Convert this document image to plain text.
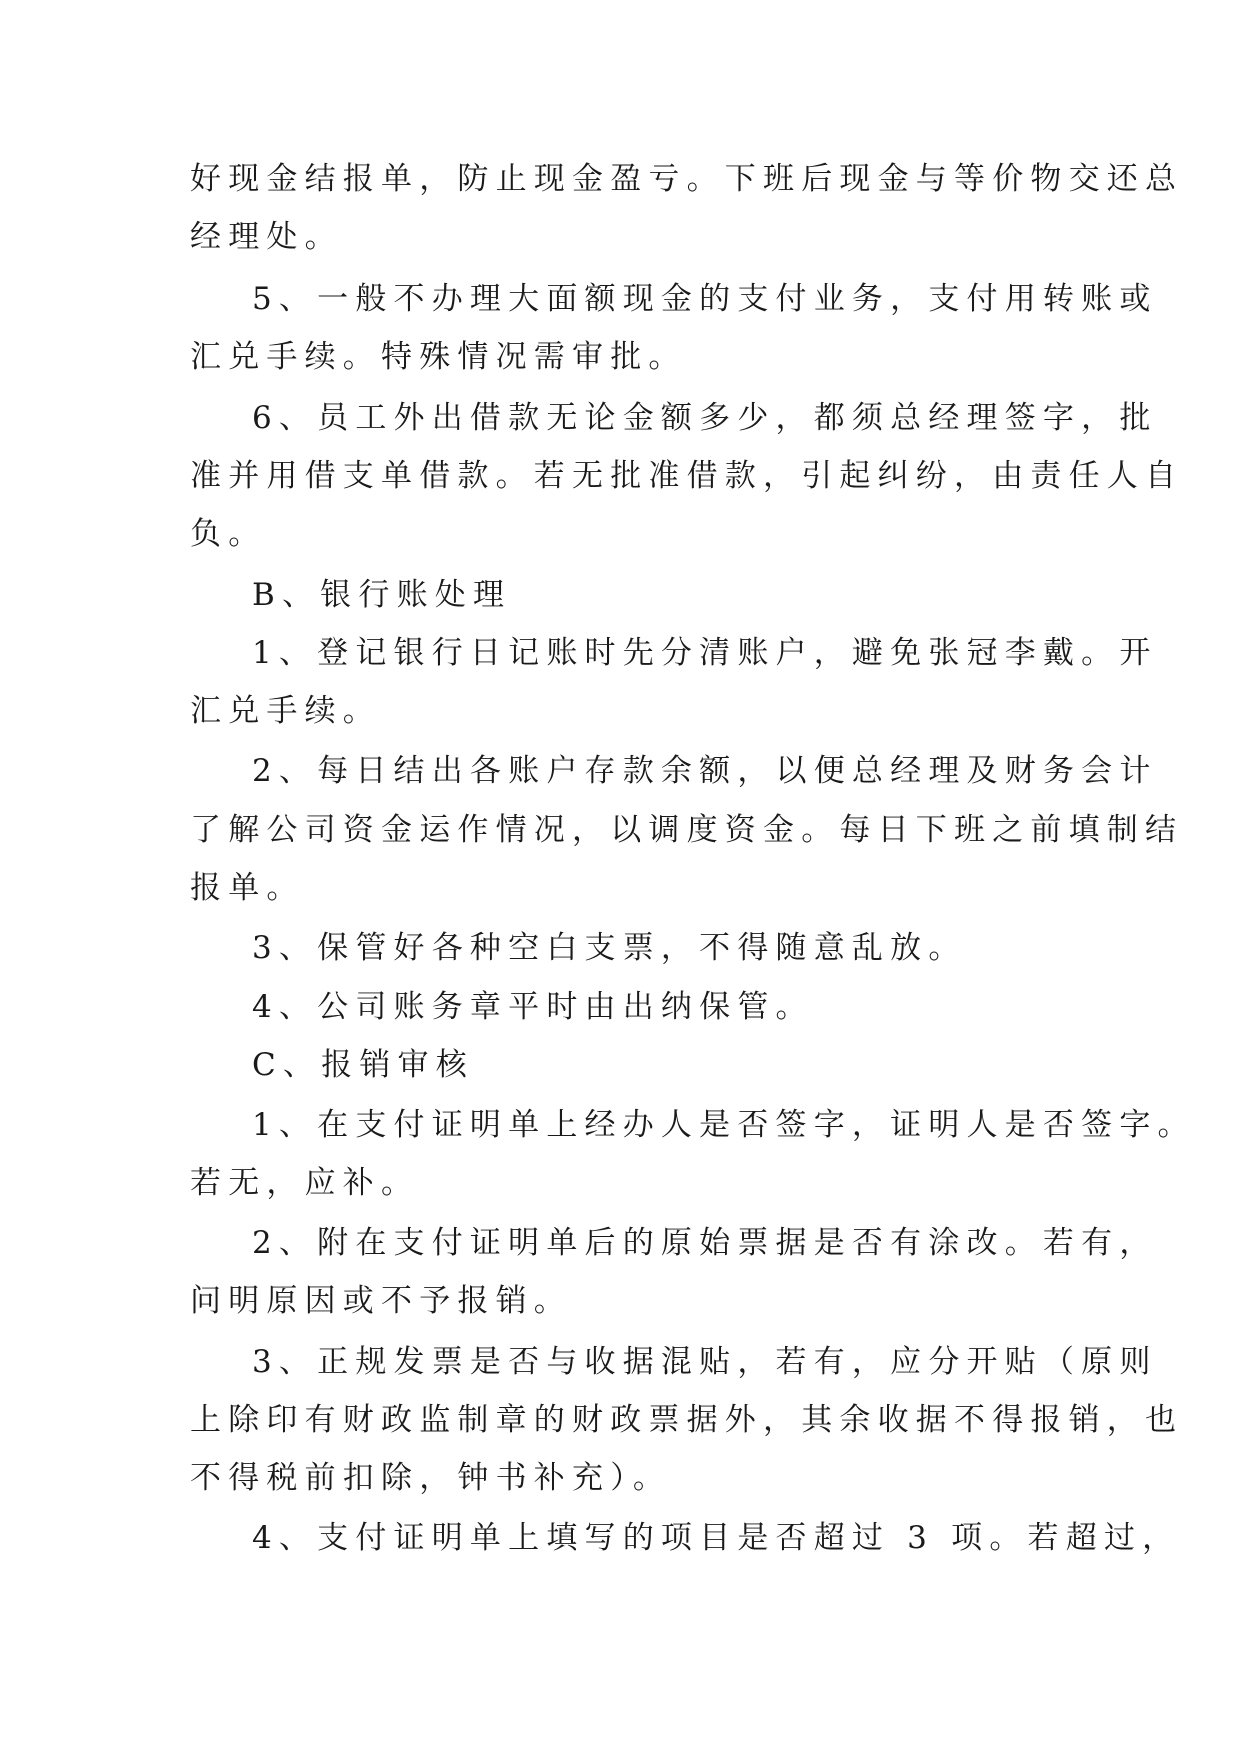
好现金结报单，防止现金盈亏。下班后现金与等价物交还总
经理处。
5、一般不办理大面额现金的支付业务，支付用转账或
汇兑手续。特殊情况需审批。
6、员工外出借款无论金额多少，都须总经理签字，批
准并用借支单借款。若无批准借款，引起纠纷，由责任人自
负。
B、银行账处理
1、登记银行日记账时先分清账户，避免张冠李戴。开
汇兑手续。
2、每日结出各账户存款余额，以便总经理及财务会计
了解公司资金运作情况，以调度资金。每日下班之前填制结
报单。
3、保管好各种空白支票，不得随意乱放。
4、公司账务章平时由出纳保管。
C、报销审核
1、在支付证明单上经办人是否签字，证明人是否签字。
若无，应补。
2、附在支付证明单后的原始票据是否有涂改。若有，
问明原因或不予报销。
3、正规发票是否与收据混贴，若有，应分开贴（原则
上除印有财政监制章的财政票据外，其余收据不得报销，也
不得税前扣除，钟书补充）。
4、支付证明单上填写的项目是否超过 3 项。若超过，
